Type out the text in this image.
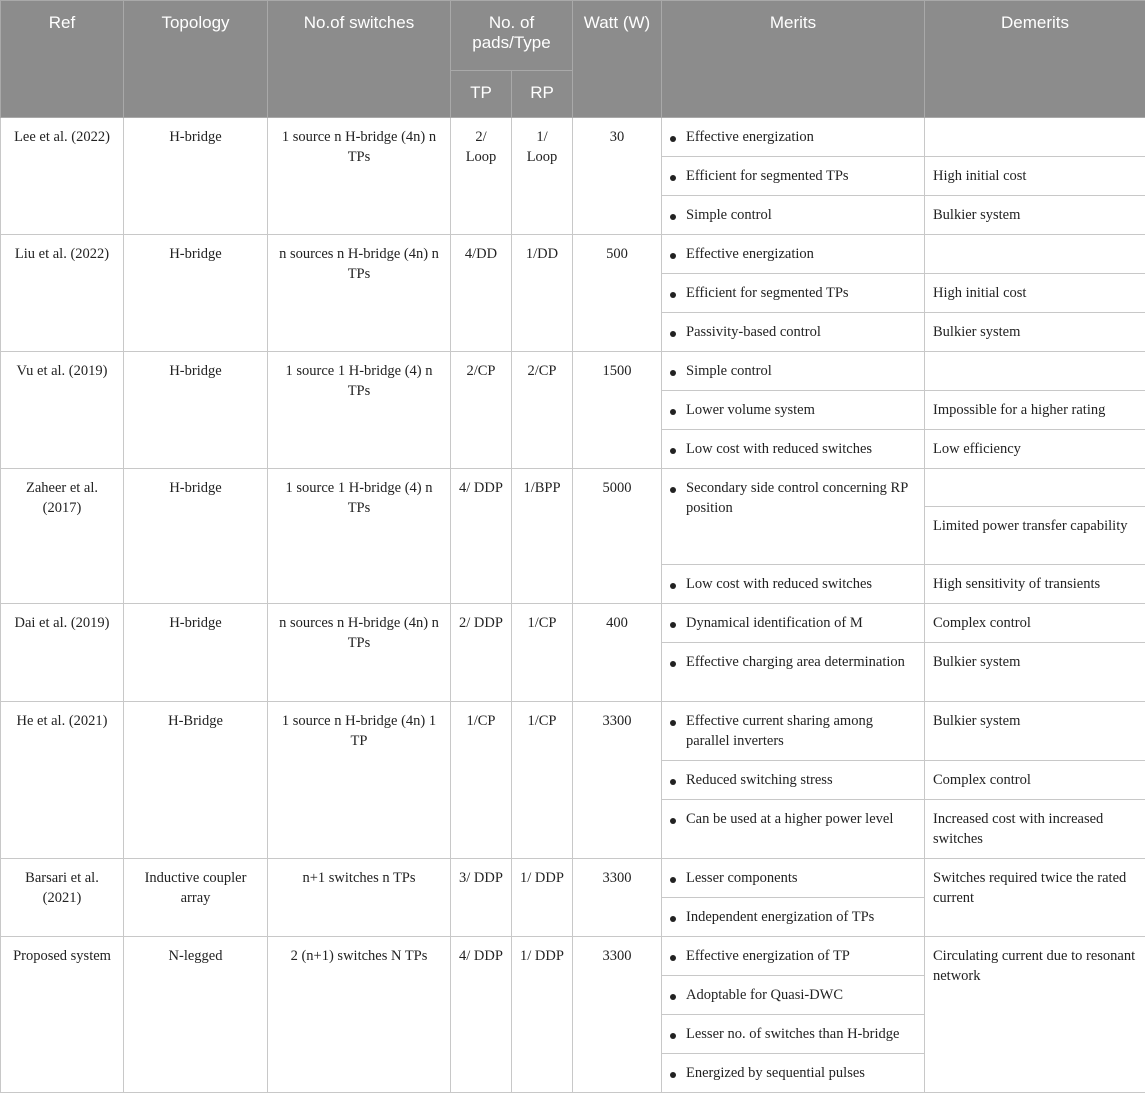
Ref	Topology	No.of switches	No. of pads/Type		Watt (W)	Merits	Demerits
			TP	RP			
Lee et al. (2022)	H-bridge	1 source n H-bridge (4n) n TPs	2/ Loop	1/ Loop	30	Effective energization	

						Efficient for segmented TPs	High initial cost

						Simple control	Bulkier system
Liu et al. (2022)	H-bridge	n sources n H-bridge (4n) n TPs	4/DD	1/DD	500	Effective energization	

						Efficient for segmented TPs	High initial cost

						Passivity-based control	Bulkier system
Vu et al. (2019)	H-bridge	1 source 1 H-bridge (4) n TPs	2/CP	2/CP	1500	Simple control	

						Lower volume system	Impossible for a higher rating

						Low cost with reduced switches	Low efficiency
Zaheer et al. (2017)	H-bridge	1 source 1 H-bridge (4) n TPs	4/ DDP	1/BPP	5000	Secondary side control concerning RP position	

							Limited power transfer capability

						Low cost with reduced switches	High sensitivity of transients
Dai et al. (2019)	H-bridge	n sources n H-bridge (4n) n TPs	2/ DDP	1/CP	400	Dynamical identification of M	Complex control

						Effective charging area determination	Bulkier system
He et al. (2021)	H-Bridge	1 source n H-bridge (4n) 1 TP	1/CP	1/CP	3300	Effective current sharing among parallel inverters	Bulkier system

						Reduced switching stress	Complex control

						Can be used at a higher power level	Increased cost with increased switches
Barsari et al. (2021)	Inductive coupler array	n+1 switches n TPs	3/ DDP	1/ DDP	3300	Lesser components	Switches required twice the rated current

						Independent energization of TPs	

Proposed system	N-legged	2 (n+1) switches N TPs	4/ DDP	1/ DDP	3300	Effective energization of TP	Circulating current due to resonant network

						Adoptable for Quasi-DWC	

						Lesser no. of switches than H-bridge	

						Energized by sequential pulses	
